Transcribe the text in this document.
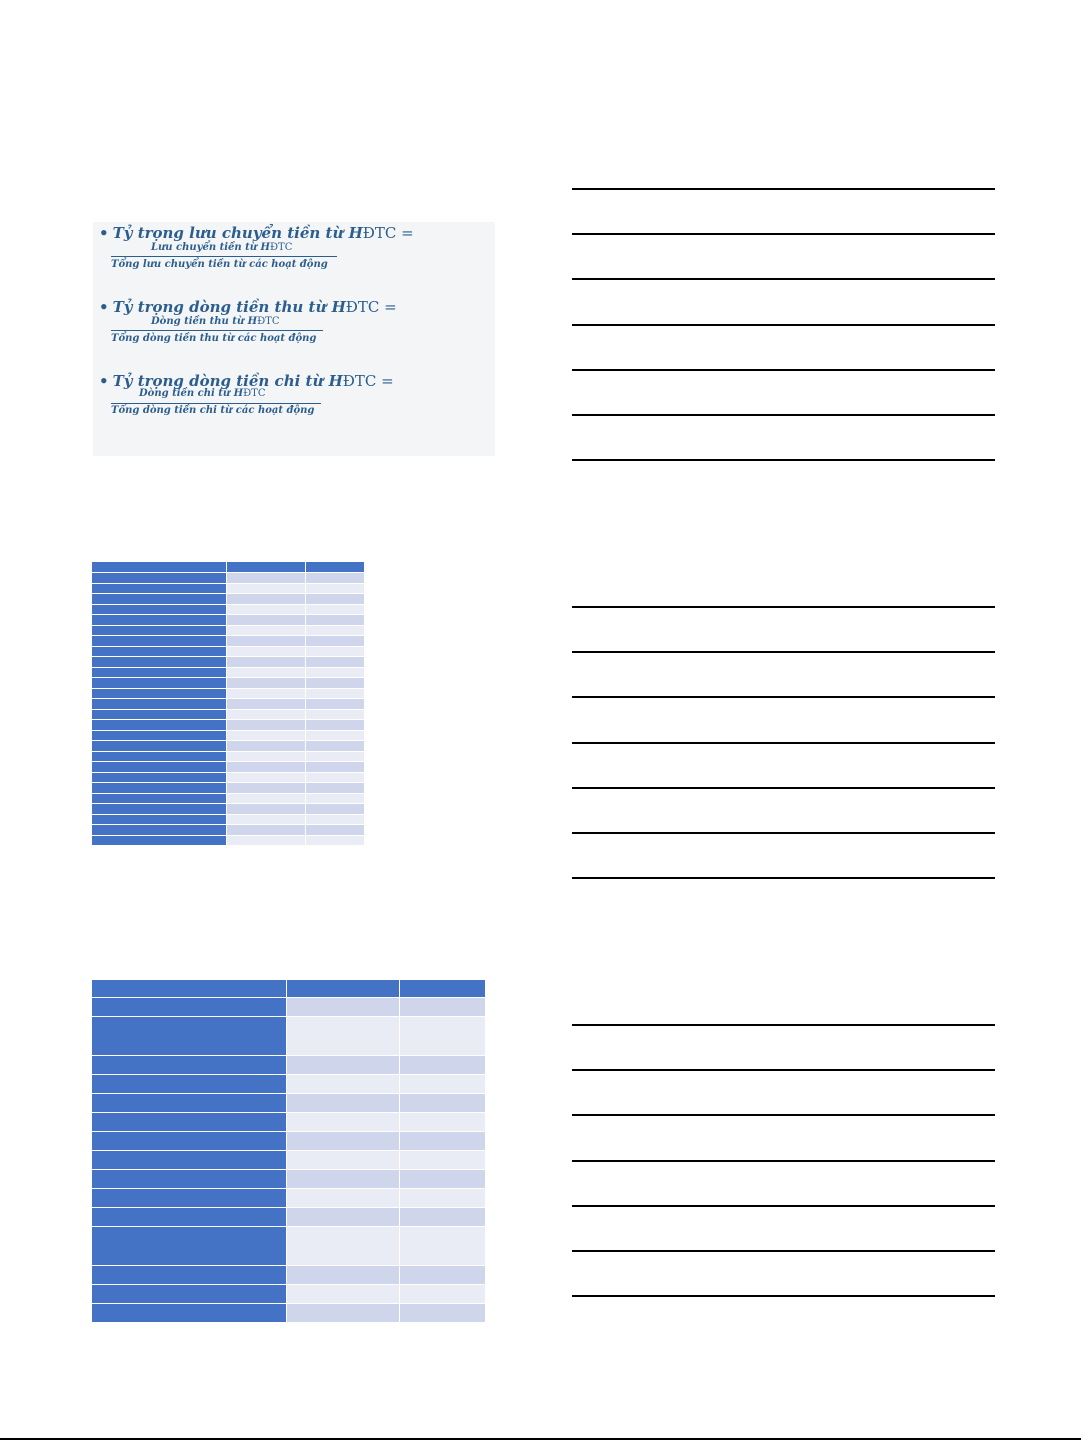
• Tỷ trọng lưu chuyển tiền từ HĐTC =
Lưu chuyển tiền từ HĐTC
Tổng lưu chuyển tiền từ các hoạt động
• Tỷ trọng dòng tiền thu từ HĐTC =
Dòng tiền thu từ HĐTC
Tổng dòng tiền thu từ các hoạt động
• Tỷ trọng dòng tiền chi từ HĐTC =
Dòng tiền chi từ HĐTC
Tổng dòng tiền chi từ các hoạt động
